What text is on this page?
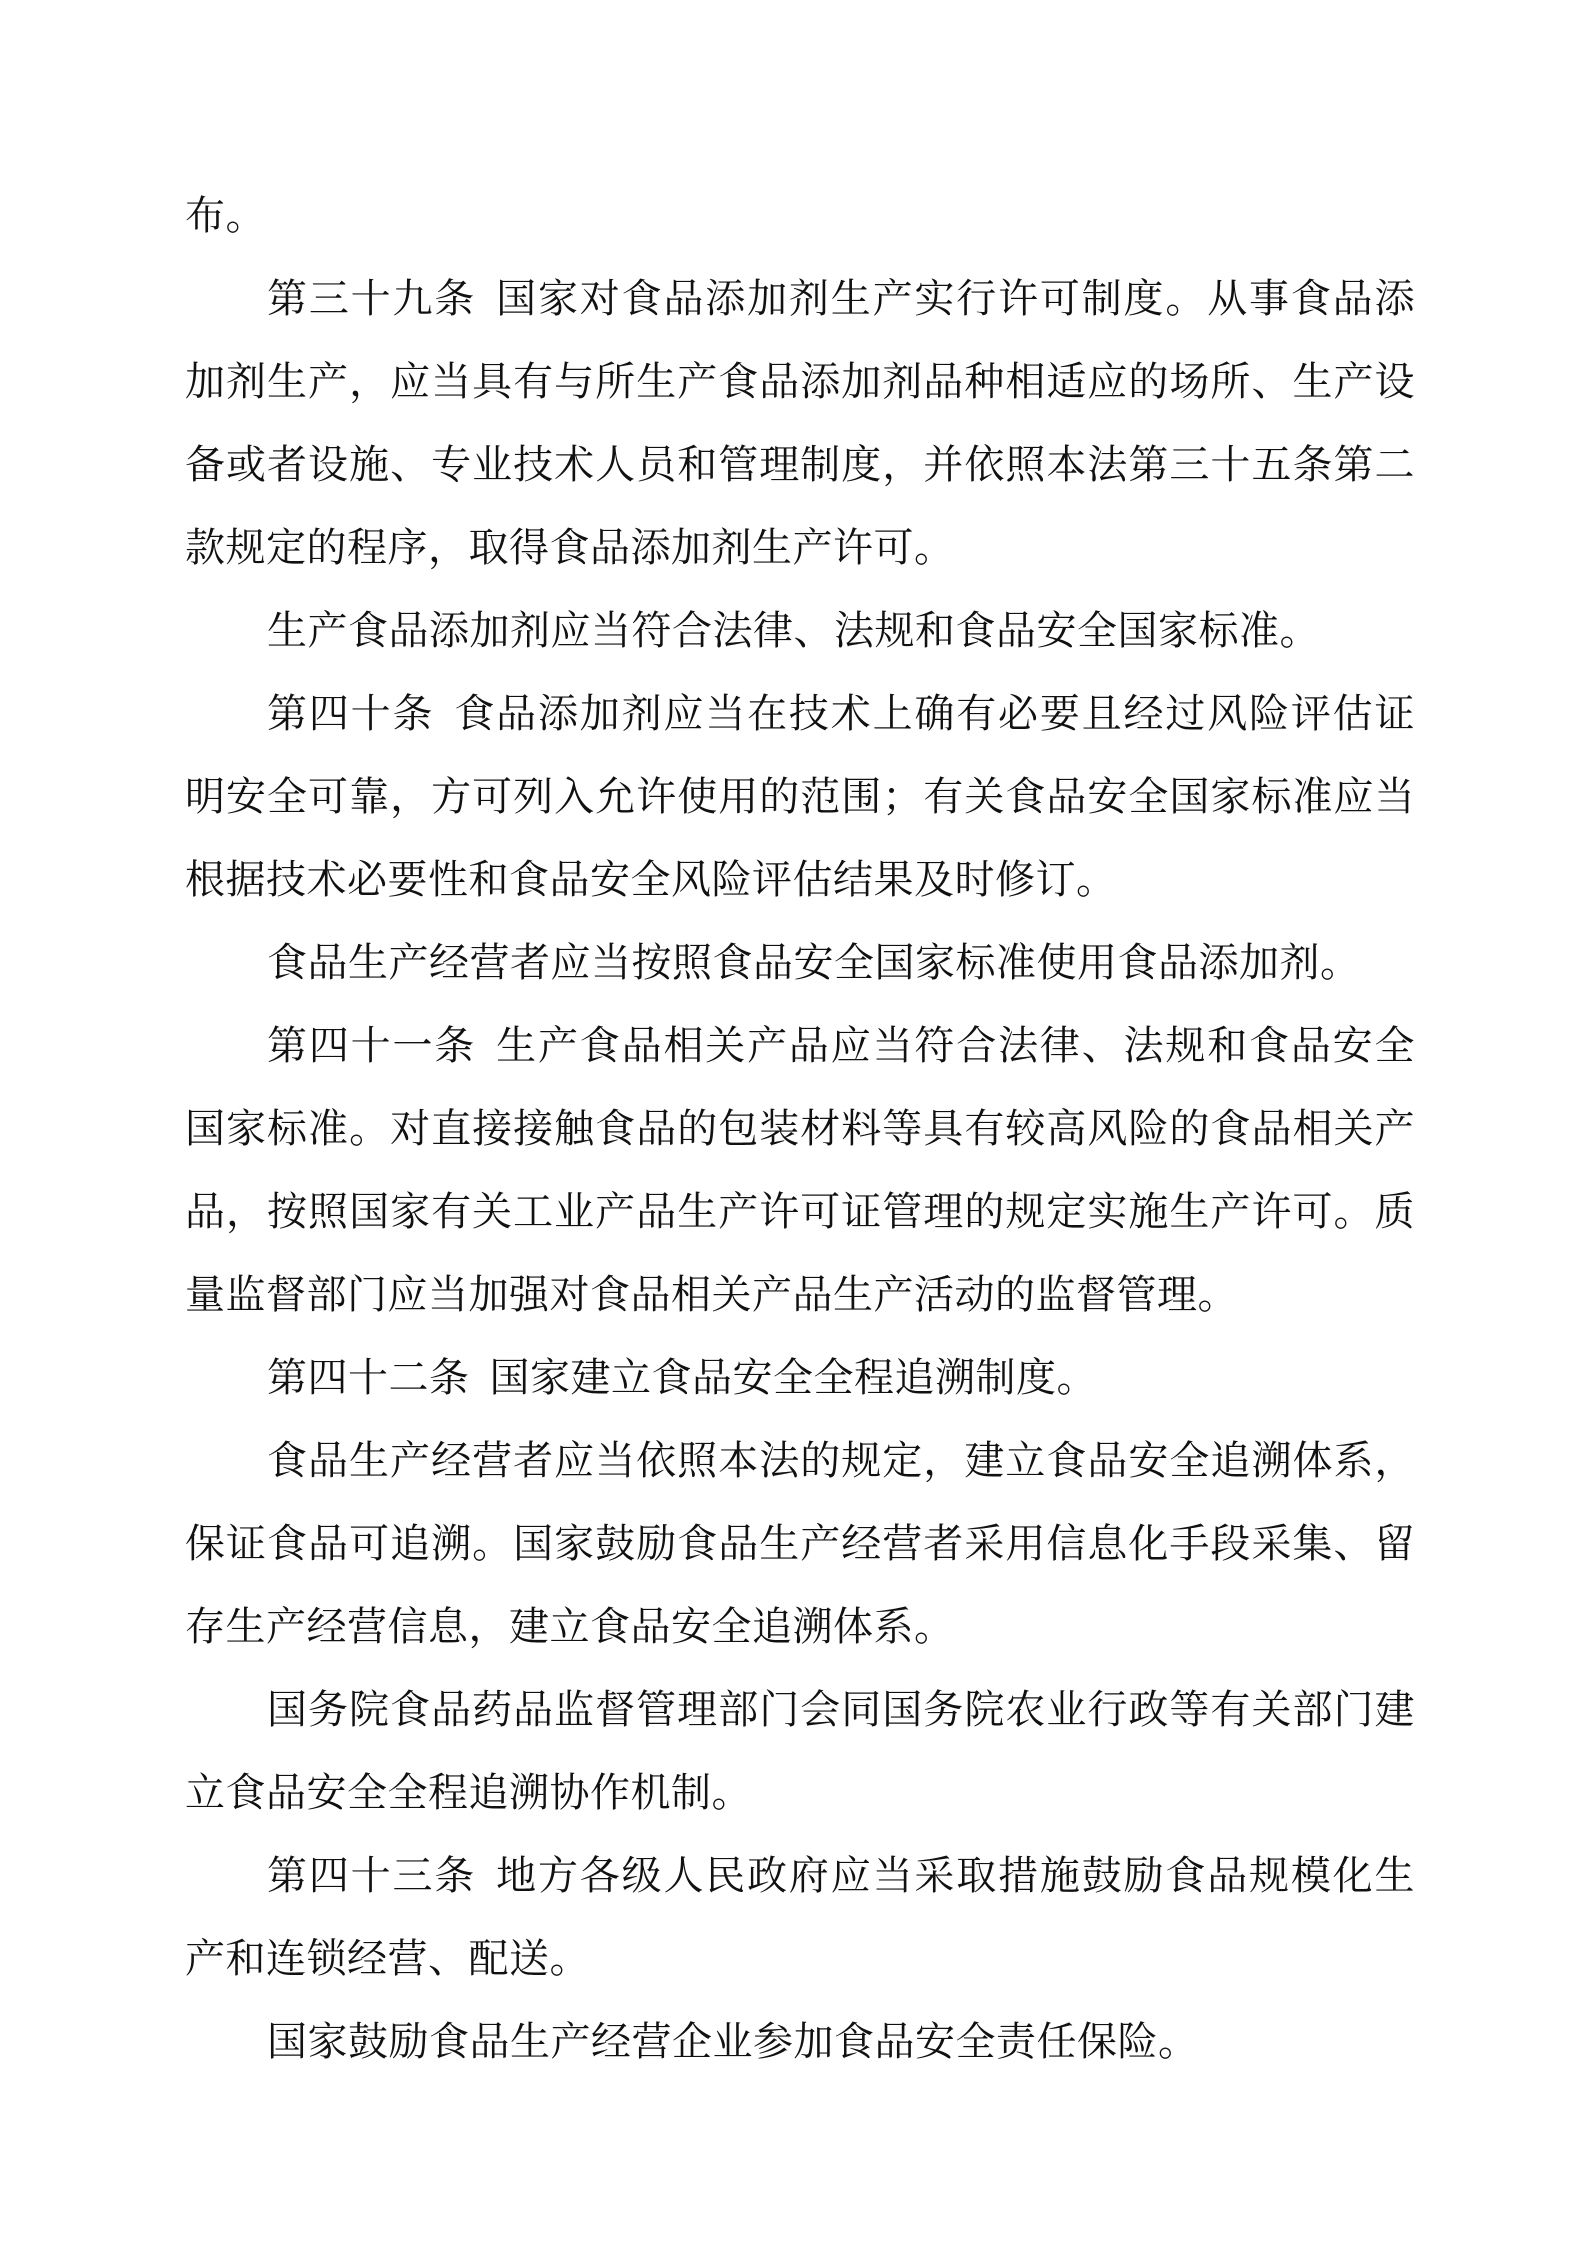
布。

第三十九条 国家对食品添加剂生产实行许可制度。从事食品添加剂生产，应当具有与所生产食品添加剂品种相适应的场所、生产设备或者设施、专业技术人员和管理制度，并依照本法第三十五条第二款规定的程序，取得食品添加剂生产许可。

生产食品添加剂应当符合法律、法规和食品安全国家标准。

第四十条 食品添加剂应当在技术上确有必要且经过风险评估证明安全可靠，方可列入允许使用的范围；有关食品安全国家标准应当根据技术必要性和食品安全风险评估结果及时修订。

食品生产经营者应当按照食品安全国家标准使用食品添加剂。

第四十一条 生产食品相关产品应当符合法律、法规和食品安全国家标准。对直接接触食品的包装材料等具有较高风险的食品相关产品，按照国家有关工业产品生产许可证管理的规定实施生产许可。质量监督部门应当加强对食品相关产品生产活动的监督管理。

第四十二条 国家建立食品安全全程追溯制度。

食品生产经营者应当依照本法的规定，建立食品安全追溯体系，保证食品可追溯。国家鼓励食品生产经营者采用信息化手段采集、留存生产经营信息，建立食品安全追溯体系。

国务院食品药品监督管理部门会同国务院农业行政等有关部门建立食品安全全程追溯协作机制。

第四十三条 地方各级人民政府应当采取措施鼓励食品规模化生产和连锁经营、配送。

国家鼓励食品生产经营企业参加食品安全责任保险。
